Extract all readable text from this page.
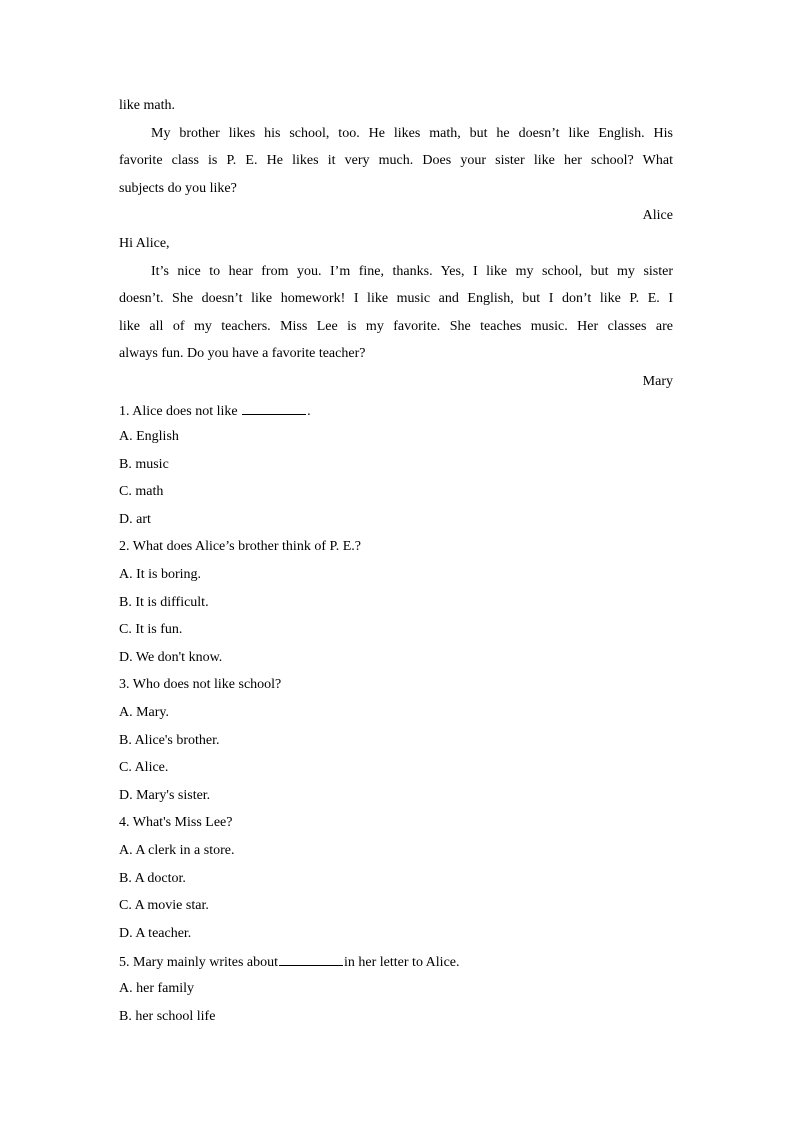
like math.
My brother likes his school, too. He likes math, but he doesn’t like English. His
favorite class is P. E. He likes it very much. Does your sister like her school? What
subjects do you like?
Alice
Hi Alice,
It’s nice to hear from you. I’m fine, thanks. Yes, I like my school, but my sister
doesn’t. She doesn’t like homework! I like music and English, but I don’t like P. E. I
like all of my teachers. Miss Lee is my favorite. She teaches music. Her classes are
always fun. Do you have a favorite teacher?
Mary
1. Alice does not like	.
A. English
B. music
C. math
D. art
2. What does Alice’s brother think of P. E.?
A. It is boring.
B. It is difficult.
C. It is fun.
D. We don't know.
3. Who does not like school?
A. Mary.
B. Alice's brother.
C. Alice.
D. Mary's sister.
4. What's Miss Lee?
A. A clerk in a store.
B. A doctor.
C. A movie star.
D. A teacher.
5. Mary mainly writes about	in her letter to Alice.
A. her family
B. her school life
